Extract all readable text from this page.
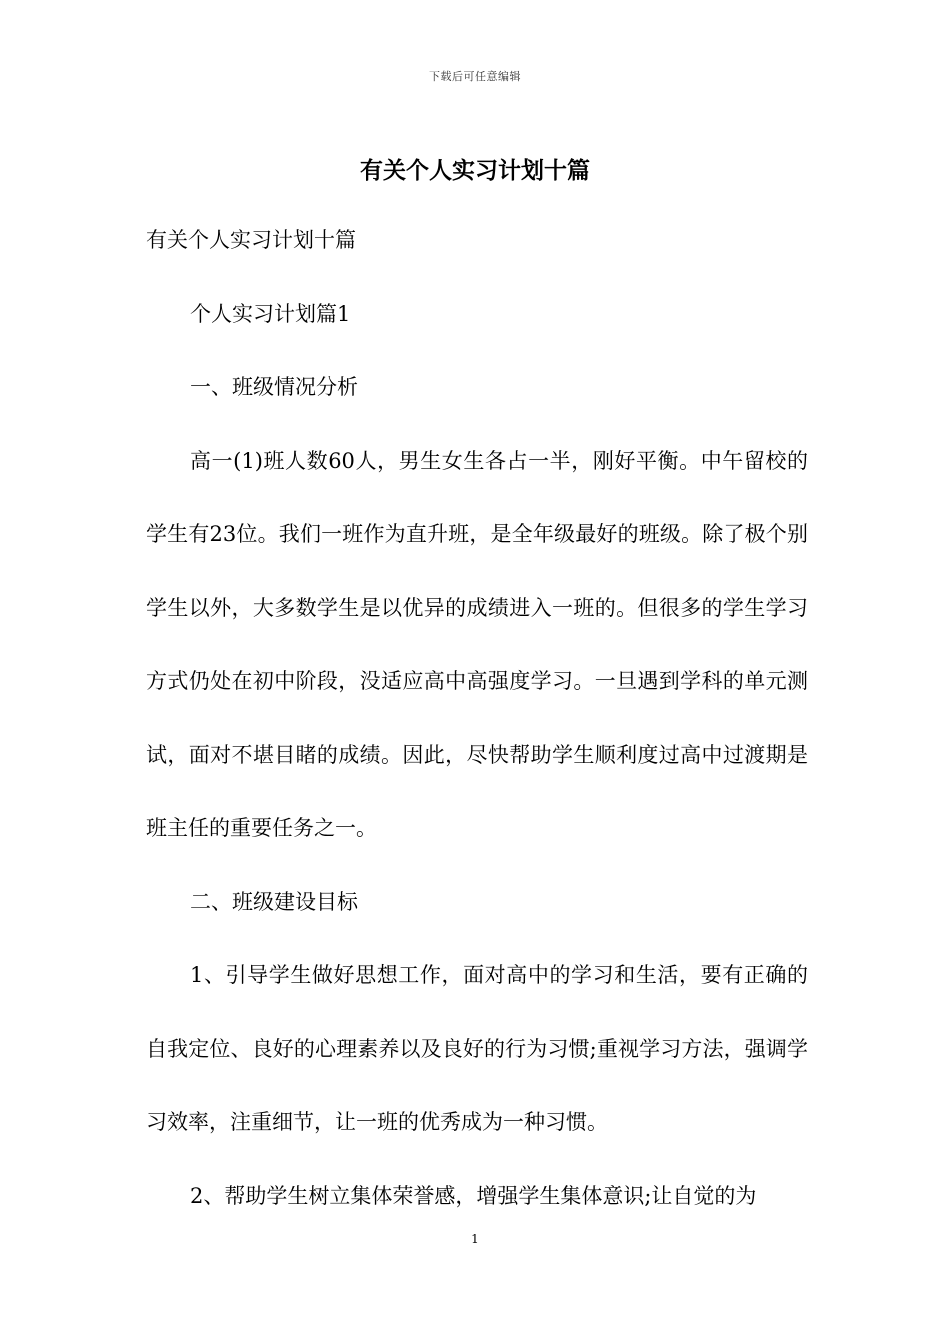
下载后可任意编辑
有关个人实习计划十篇

有关个人实习计划十篇

个人实习计划篇1

一、班级情况分析

高一(1)班人数60人，男生女生各占一半，刚好平衡。中午留校的学生有23位。我们一班作为直升班，是全年级最好的班级。除了极个别学生以外，大多数学生是以优异的成绩进入一班的。但很多的学生学习方式仍处在初中阶段，没适应高中高强度学习。一旦遇到学科的单元测试，面对不堪目睹的成绩。因此，尽快帮助学生顺利度过高中过渡期是班主任的重要任务之一。

二、班级建设目标

1、引导学生做好思想工作，面对高中的学习和生活，要有正确的自我定位、良好的心理素养以及良好的行为习惯;重视学习方法，强调学习效率，注重细节，让一班的优秀成为一种习惯。

2、帮助学生树立集体荣誉感，增强学生集体意识;让自觉的为

1
